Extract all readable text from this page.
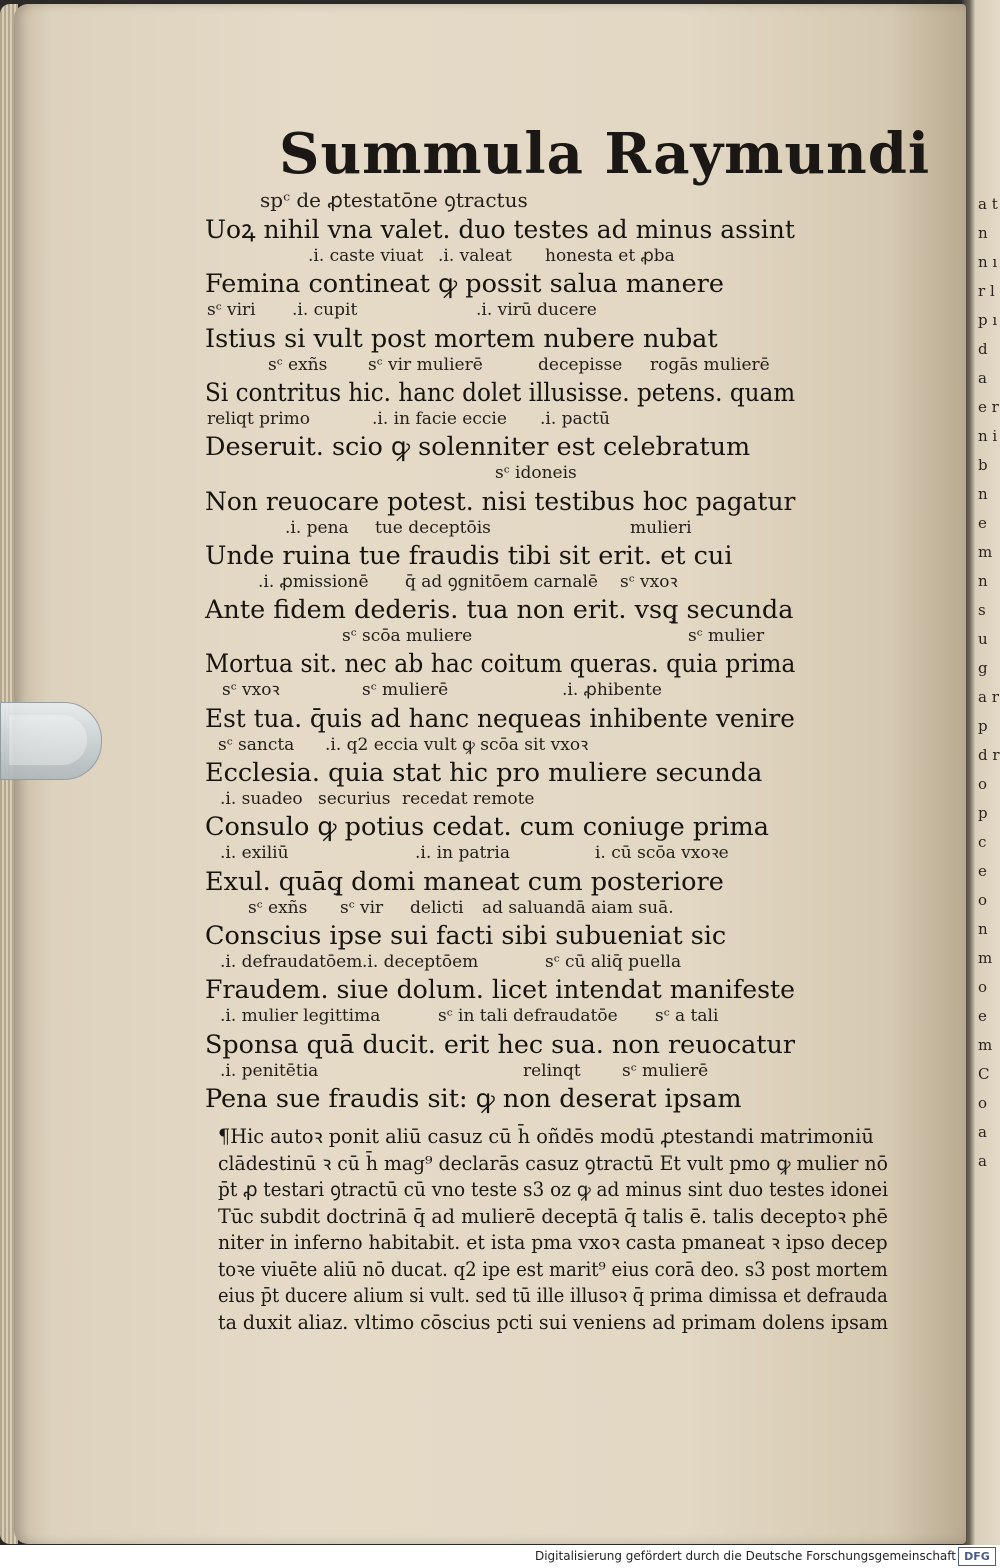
a t n n ı r l p ı d a e r n i b n e m n s u g a r p d r o p c e o n m o e m C o a a
Summula Raymundi
spᶜ de ꝓtestatōne ꝯtractus
Uoꝝ nihil vna valet. duo testes ad minus assint
.i. caste viuat .i. valeat honesta et ꝓba
Femina contineat ꝙ possit salua manere
sᶜ viri .i. cupit	.i. virū ducere
Istius si vult post mortem nubere nubat
sᶜ exñs sᶜ vir mulierē	decepisse rogās mulierē
Si contritus hic. hanc dolet illusisse. petens. quam
reliqt primo	.i. in facie eccie .i. pactū
Deseruit. scio ꝙ solenniter est celebratum
sᶜ idoneis
Non reuocare potest. nisi testibus hoc pagatur
.i. pena tue deceptōis	mulieri
Unde ruina tue fraudis tibi sit erit. et cui
.i. ꝓmissionē q̄ ad ꝯgnitōem carnalē sᶜ vxoꝛ
Ante fidem dederis. tua non erit. vsq̧ secunda
sᶜ scōa muliere	sᶜ mulier
Mortua sit. nec ab hac coitum queras. quia prima
sᶜ vxoꝛ	sᶜ mulierē	.i. ꝓhibente
Est tua. q̄uis ad hanc nequeas inhibente venire
sᶜ sancta .i. q2 eccia vult ꝙ scōa sit vxoꝛ
Ecclesia. quia stat hic pro muliere secunda
.i. suadeo securius recedat remote
Consulo ꝙ potius cedat. cum coniuge prima
.i. exiliū	.i. in patria	i. cū scōa vxoꝛe
Exul. quāq̧ domi maneat cum posteriore
sᶜ exñs sᶜ vir delicti ad saluandā aiam suā.
Conscius ipse sui facti sibi subueniat sic
.i. defraudatōem .i. deceptōem	sᶜ cū aliq̄ puella
Fraudem. siue dolum. licet intendat manifeste
.i. mulier legittima	sᶜ in tali defraudatōe sᶜ a tali
Sponsa quā ducit. erit hec sua. non reuocatur
.i. penitētia	relinqt sᶜ mulierē
Pena sue fraudis sit: ꝙ non deserat ipsam
¶Hic autoꝛ ponit aliū casuz cū h̄ oñdēs modū ꝓtestandi matrimoniū
clādestinū ꝛ cū h̄ mag⁹ declarās casuz ꝯtractū Et vult pmo ꝙ mulier nō
p̄t ꝓ testari ꝯtractū cū vno teste s3 oz ꝙ ad minus sint duo testes idonei
Tūc subdit doctrinā q̄ ad mulierē deceptā q̄ talis ē. talis deceptoꝛ phē
niter in inferno habitabit. et ista pma vxoꝛ casta pmaneat ꝛ ipso decep
toꝛe viuēte aliū nō ducat. q2 ipe est marit⁹ eius corā deo. s3 post mortem
eius p̄t ducere alium si vult. sed tū ille illusoꝛ q̄ prima dimissa et defrauda
ta duxit aliaz. vltimo cōscius pcti sui veniens ad primam dolens ipsam
Digitalisierung gefördert durch die Deutsche Forschungsgemeinschaft DFG
